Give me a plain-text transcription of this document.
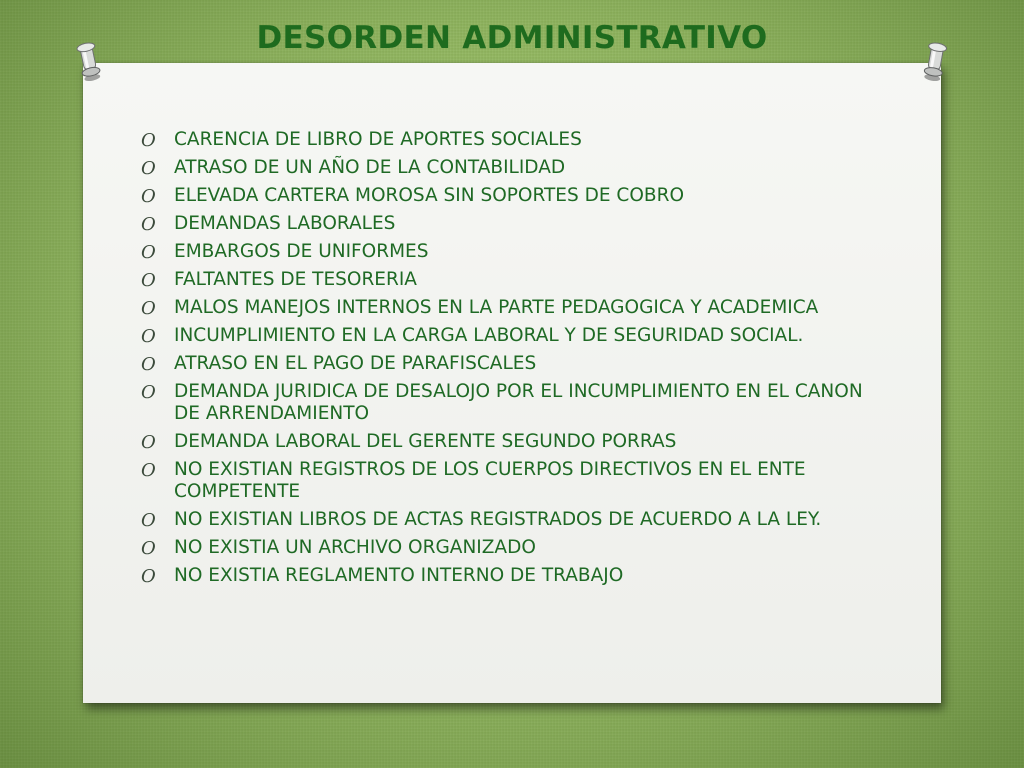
DESORDEN ADMINISTRATIVO
O CARENCIA DE LIBRO DE APORTES SOCIALES
O ATRASO DE UN AÑO DE LA CONTABILIDAD
O ELEVADA CARTERA MOROSA SIN SOPORTES DE COBRO
O DEMANDAS LABORALES
O EMBARGOS DE UNIFORMES
O FALTANTES DE TESORERIA
O MALOS MANEJOS INTERNOS EN LA PARTE PEDAGOGICA Y ACADEMICA
O INCUMPLIMIENTO EN LA CARGA LABORAL Y DE SEGURIDAD SOCIAL.
O ATRASO EN EL PAGO DE PARAFISCALES
O DEMANDA JURIDICA DE DESALOJO POR EL INCUMPLIMIENTO EN EL CANON DE ARRENDAMIENTO
O DEMANDA LABORAL DEL GERENTE SEGUNDO PORRAS
O NO EXISTIAN REGISTROS DE LOS CUERPOS DIRECTIVOS EN EL ENTE COMPETENTE
O NO EXISTIAN LIBROS DE ACTAS REGISTRADOS DE ACUERDO A LA LEY.
O NO EXISTIA UN ARCHIVO ORGANIZADO
O NO EXISTIA REGLAMENTO INTERNO DE TRABAJO
